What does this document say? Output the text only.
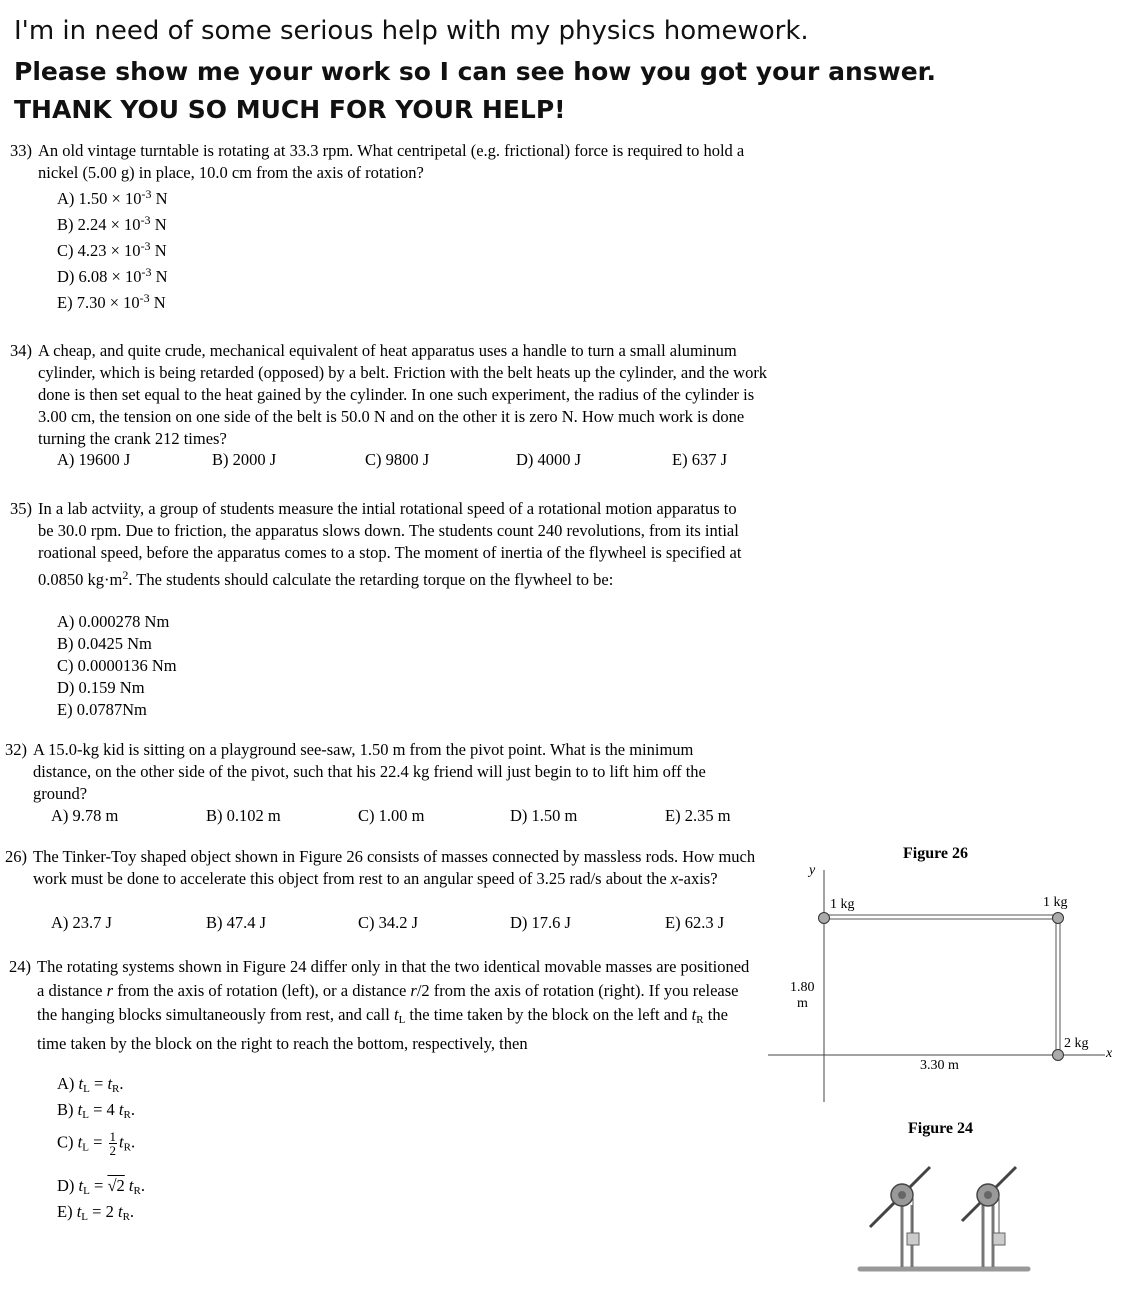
I'm in need of some serious help with my physics homework.
Please show me your work so I can see how you got your answer.
THANK YOU SO MUCH FOR YOUR HELP!
33) An old vintage turntable is rotating at 33.3 rpm. What centripetal (e.g. frictional) force is required to hold a nickel (5.00 g) in place, 10.0 cm from the axis of rotation?
A) $1.50 \times 10^{-3}$ N
B) $2.24 \times 10^{-3}$ N
C) $4.23 \times 10^{-3}$ N
D) $6.08 \times 10^{-3}$ N
E) $7.30 \times 10^{-3}$ N
34) A cheap, and quite crude, mechanical equivalent of heat apparatus uses a handle to turn a small aluminum cylinder, which is being retarded (opposed) by a belt. Friction with the belt heats up the cylinder, and the work done is then set equal to the heat gained by the cylinder. In one such experiment, the radius of the cylinder is 3.00 cm, the tension on one side of the belt is 50.0 N and on the other it is zero N. How much work is done turning the crank 212 times?
A) 19600 J	B) 2000 J	C) 9800 J	D) 4000 J	E) 637 J
35) In a lab actviity, a group of students measure the intial rotational speed of a rotational motion apparatus to be 30.0 rpm. Due to friction, the apparatus slows down. The students count 240 revolutions, from its intial roational speed, before the apparatus comes to a stop. The moment of inertia of the flywheel is specified at 0.0850 $kg\cdot m^2$. The students should calculate the retarding torque on the flywheel to be:
A) 0.000278 Nm
B) 0.0425 Nm
C) 0.0000136 Nm
D) 0.159 Nm
E) 0.0787Nm
32) A 15.0-kg kid is sitting on a playground see-saw, 1.50 m from the pivot point. What is the minimum distance, on the other side of the pivot, such that his 22.4 kg friend will just begin to to lift him off the ground?
A) 9.78 m	B) 0.102 m	C) 1.00 m	D) 1.50 m	E) 2.35 m
26) The Tinker-Toy shaped object shown in Figure 26 consists of masses connected by massless rods. How much work must be done to accelerate this object from rest to an angular speed of 3.25 rad/s about the x-axis?
A) 23.7 J	B) 47.4 J	C) 34.2 J	D) 17.6 J	E) 62.3 J
24) The rotating systems shown in Figure 24 differ only in that the two identical movable masses are positioned a distance r from the axis of rotation (left), or a distance r/2 from the axis of rotation (right). If you release the hanging blocks simultaneously from rest, and call $t_L$ the time taken by the block on the left and $t_R$ the time taken by the block on the right to reach the bottom, respectively, then
A) $t_L = t_R$.
B) $t_L = 4$ $t_R$.
C) $t_L = \frac{1}{2} t_R$.
D) $t_L = √2$ $t_R$.
E) $t_L = 2$ $t_R$.
Figure 26
y
1 kg	1 kg
2 kg
1.80
m
3.30 m
x
Figure 24
